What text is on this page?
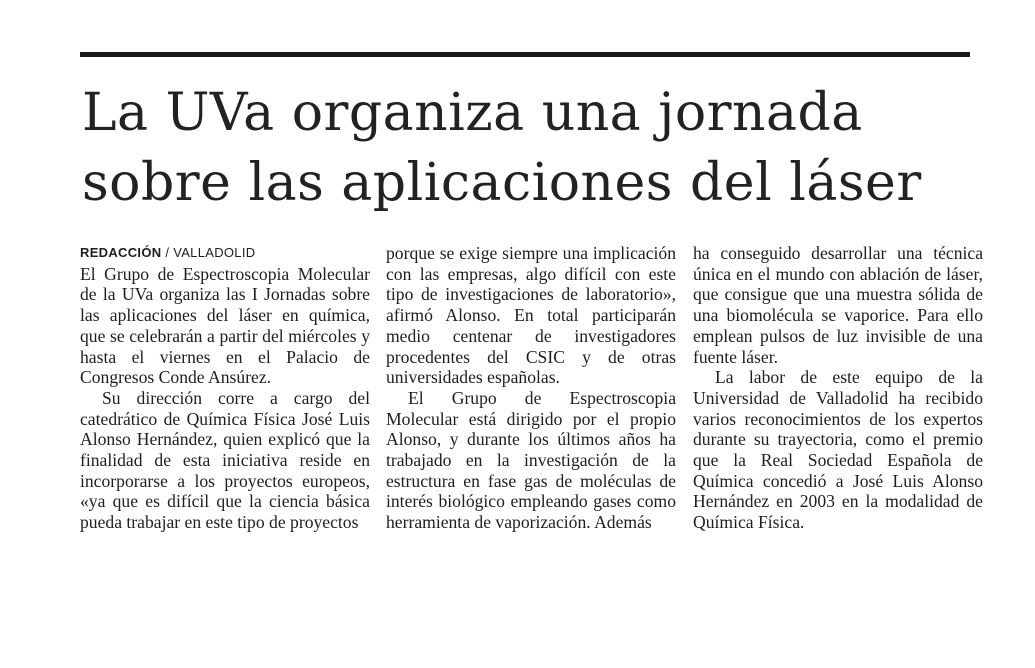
La UVa organiza una jornada
sobre las aplicaciones del láser
REDACCIÓN / VALLADOLID

El Grupo de Espectroscopia Molecular de la UVa organiza las I Jornadas sobre las aplicaciones del láser en química, que se celebrarán a partir del miércoles y hasta el viernes en el Palacio de Congresos Conde Ansúrez.

Su dirección corre a cargo del catedrático de Química Física José Luis Alonso Hernández, quien explicó que la finalidad de esta iniciativa reside en incorporarse a los proyectos europeos, «ya que es difícil que la ciencia básica pueda trabajar en este tipo de proyectos

porque se exige siempre una implicación con las empresas, algo difícil con este tipo de investigaciones de laboratorio», afirmó Alonso. En total participarán medio centenar de investigadores procedentes del CSIC y de otras universidades españolas.

El Grupo de Espectroscopia Molecular está dirigido por el propio Alonso, y durante los últimos años ha trabajado en la investigación de la estructura en fase gas de moléculas de interés biológico empleando gases como herramienta de vaporización. Además

ha conseguido desarrollar una técnica única en el mundo con ablación de láser, que consigue que una muestra sólida de una biomolécula se vaporice. Para ello emplean pulsos de luz invisible de una fuente láser.

La labor de este equipo de la Universidad de Valladolid ha recibido varios reconocimientos de los expertos durante su trayectoria, como el premio que la Real Sociedad Española de Química concedió a José Luis Alonso Hernández en 2003 en la modalidad de Química Física.
